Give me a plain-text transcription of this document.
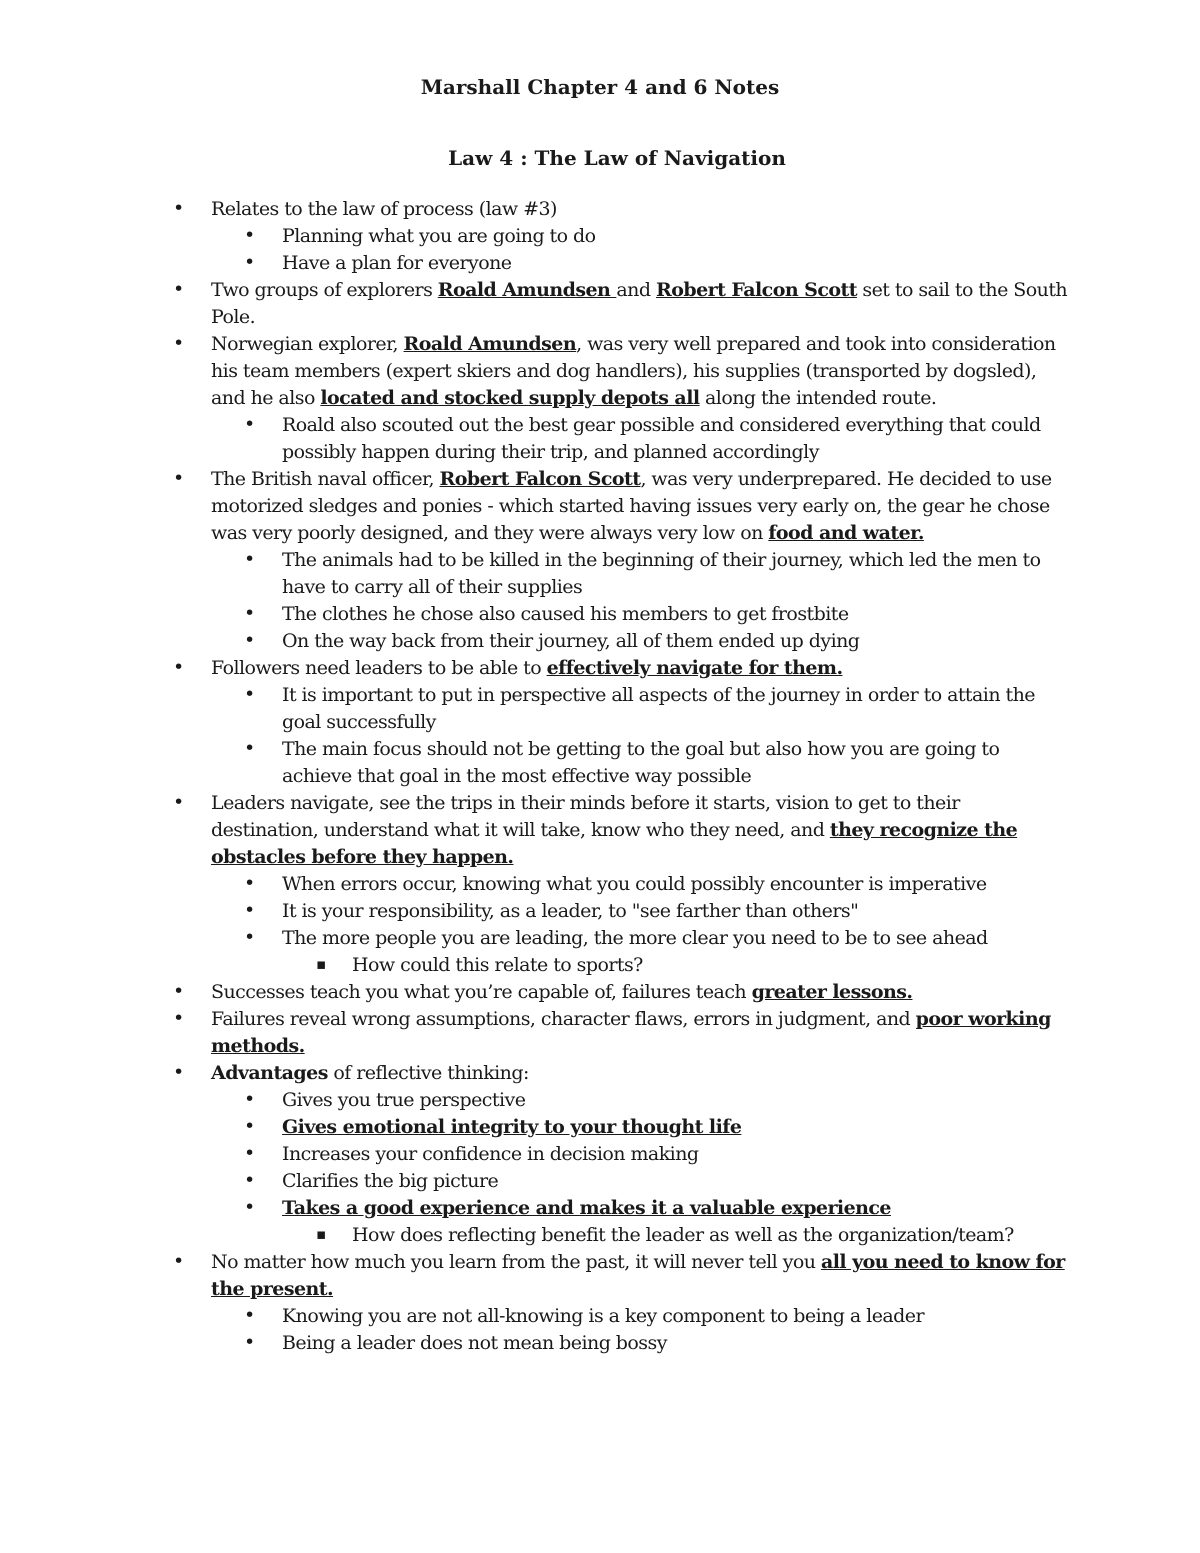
Marshall Chapter 4 and 6 Notes
Law 4 : The Law of Navigation
• Relates to the law of process (law #3)
• Planning what you are going to do
• Have a plan for everyone
• Two groups of explorers Roald Amundsen and Robert Falcon Scott set to sail to the South Pole.
• Norwegian explorer, Roald Amundsen, was very well prepared and took into consideration his team members (expert skiers and dog handlers), his supplies (transported by dogsled), and he also located and stocked supply depots all along the intended route.
• Roald also scouted out the best gear possible and considered everything that could possibly happen during their trip, and planned accordingly
• The British naval officer, Robert Falcon Scott, was very underprepared. He decided to use motorized sledges and ponies - which started having issues very early on, the gear he chose was very poorly designed, and they were always very low on food and water.
• The animals had to be killed in the beginning of their journey, which led the men to have to carry all of their supplies
• The clothes he chose also caused his members to get frostbite
• On the way back from their journey, all of them ended up dying
• Followers need leaders to be able to effectively navigate for them.
• It is important to put in perspective all aspects of the journey in order to attain the goal successfully
• The main focus should not be getting to the goal but also how you are going to achieve that goal in the most effective way possible
• Leaders navigate, see the trips in their minds before it starts, vision to get to their destination, understand what it will take, know who they need, and they recognize the obstacles before they happen.
• When errors occur, knowing what you could possibly encounter is imperative
• It is your responsibility, as a leader, to "see farther than others"
• The more people you are leading, the more clear you need to be to see ahead
▪ How could this relate to sports?
• Successes teach you what you’re capable of, failures teach greater lessons.
• Failures reveal wrong assumptions, character flaws, errors in judgment, and poor working methods.
• Advantages of reflective thinking:
• Gives you true perspective
• Gives emotional integrity to your thought life
• Increases your confidence in decision making
• Clarifies the big picture
• Takes a good experience and makes it a valuable experience
▪ How does reflecting benefit the leader as well as the organization/team?
• No matter how much you learn from the past, it will never tell you all you need to know for the present.
• Knowing you are not all-knowing is a key component to being a leader
• Being a leader does not mean being bossy
